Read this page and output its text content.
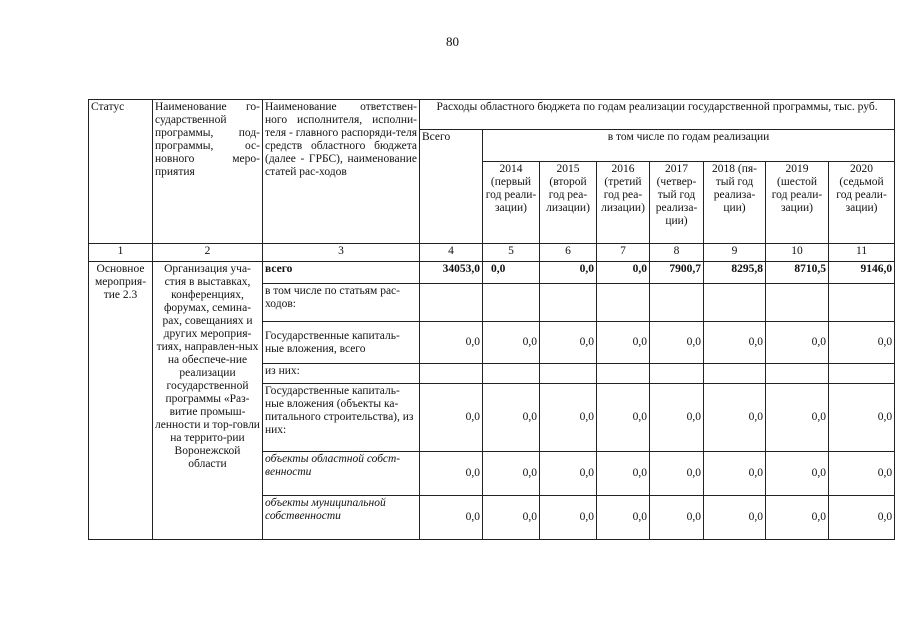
80
Статус	Наименование го-сударственной программы, под-программы, ос-новного меро-приятия	Наименование ответствен-ного исполнителя, исполни-теля - главного распоряди-теля средств областного бюджета (далее - ГРБС), наименование статей рас-ходов	Расходы областного бюджета по годам реализации государственной программы, тыс. руб.							
			Всего	в том числе по годам реализации						
				2014 (первый год реали-зации)	2015 (второй год реа-лизации)	2016 (третий год реа-лизации)	2017 (четвер-тый год реализа-ции)	2018 (пя-тый год реализа-ции)	2019 (шестой год реали-зации)	2020 (седьмой год реали-зации)
1	2	3	4	5	6	7	8	9	10	11
Основное мероприя-тие 2.3	Организация уча-стия в выставках, конференциях, форумах, семина-рах, совещаниях и других мероприя-тиях, направлен-ных на обеспече-ние реализации государственной программы «Раз-витие промыш-ленности и тор-говли на террито-рии Воронежской области	всего	34053,0	0,0	0,0	0,0	7900,7	8295,8	8710,5	9146,0
		в том числе по статьям рас-ходов:								
		Государственные капиталь-ные вложения, всего	0,0	0,0	0,0	0,0	0,0	0,0	0,0	0,0
		из них:								
		Государственные капиталь-ные вложения (объекты ка-питального строительства), из них:	0,0	0,0	0,0	0,0	0,0	0,0	0,0	0,0
		объекты областной собст-венности	0,0	0,0	0,0	0,0	0,0	0,0	0,0	0,0
		объекты муниципальной собственности	0,0	0,0	0,0	0,0	0,0	0,0	0,0	0,0
